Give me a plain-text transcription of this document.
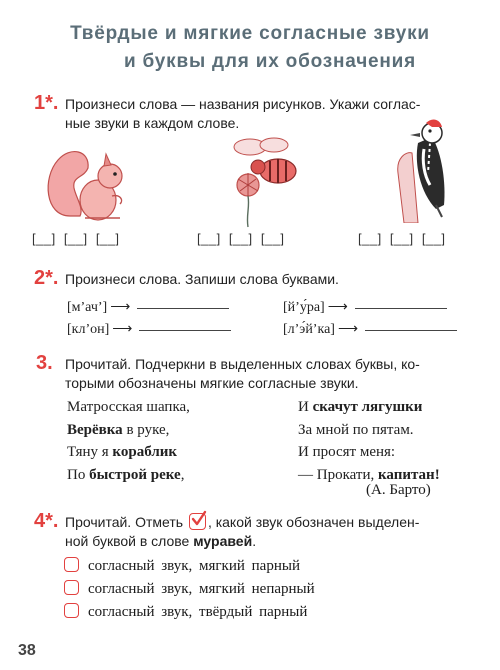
Твёрдые и мягкие согласные звуки
и буквы для их обозначения
1*. Произнеси слова — названия рисунков. Укажи соглас-
ные звуки в каждом слове.
[__]  [__]  [__]	[__]  [__]  [__]	[__]  [__]  [__]
2*. Произнеси слова. Запиши слова буквами.
[м’ач’] ⟶	[й’у́ра] ⟶
[кл’он] ⟶	[л’э́й’ка] ⟶
3. Прочитай. Подчеркни в выделенных словах буквы, ко-
торыми обозначены мягкие согласные звуки.
Матросская шапка,
Верёвка в руке,
Тяну я кораблик
По быстрой реке,
И скачут лягушки
За мной по пятам.
И просят меня:
— Прокати, капитан!
(А. Барто)
4*. Прочитай. Отметь , какой звук обозначен выделен-
ной буквой в слове муравей.
согласный звук, мягкий парный
согласный звук, мягкий непарный
согласный звук, твёрдый парный
38
